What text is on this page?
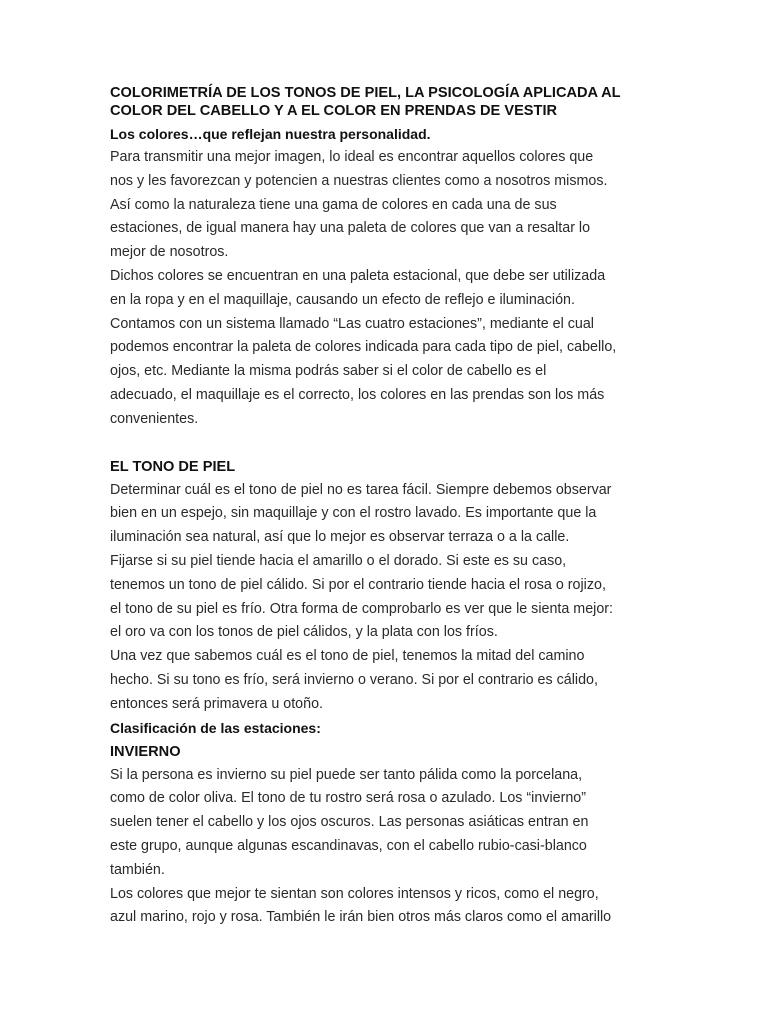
COLORIMETRÍA DE LOS TONOS DE PIEL, LA PSICOLOGÍA APLICADA AL
COLOR DEL CABELLO Y A EL COLOR EN PRENDAS DE VESTIR

Los colores…que reflejan nuestra personalidad.

Para transmitir una mejor imagen, lo ideal es encontrar aquellos colores que

nos y les favorezcan y potencien a nuestras clientes como a nosotros mismos.

Así como la naturaleza tiene una gama de colores en cada una de sus

estaciones, de igual manera hay una paleta de colores que van a resaltar lo

mejor de nosotros.

Dichos colores se encuentran en una paleta estacional, que debe ser utilizada

en la ropa y en el maquillaje, causando un efecto de reflejo e iluminación.

Contamos con un sistema llamado “Las cuatro estaciones”, mediante el cual

podemos encontrar la paleta de colores indicada para cada tipo de piel, cabello,

ojos, etc. Mediante la misma podrás saber si el color de cabello es el

adecuado, el maquillaje es el correcto, los colores en las prendas son los más

convenientes.

EL TONO DE PIEL

Determinar cuál es el tono de piel no es tarea fácil. Siempre debemos observar

bien en un espejo, sin maquillaje y con el rostro lavado. Es importante que la

iluminación sea natural, así que lo mejor es observar terraza o a la calle.

Fijarse si su piel tiende hacia el amarillo o el dorado. Si este es su caso,

tenemos un tono de piel cálido. Si por el contrario tiende hacia el rosa o rojizo,

el tono de su piel es frío. Otra forma de comprobarlo es ver que le sienta mejor:

el oro va con los tonos de piel cálidos, y la plata con los fríos.

Una vez que sabemos cuál es el tono de piel, tenemos la mitad del camino

hecho. Si su tono es frío, será invierno o verano. Si por el contrario es cálido,

entonces será primavera u otoño.

Clasificación de las estaciones:

INVIERNO

Si la persona es invierno su piel puede ser tanto pálida como la porcelana,

como de color oliva. El tono de tu rostro será rosa o azulado. Los “invierno”

suelen tener el cabello y los ojos oscuros. Las personas asiáticas entran en

este grupo, aunque algunas escandinavas, con el cabello rubio-casi-blanco

también.

Los colores que mejor te sientan son colores intensos y ricos, como el negro,

azul marino, rojo y rosa. También le irán bien otros más claros como el amarillo
